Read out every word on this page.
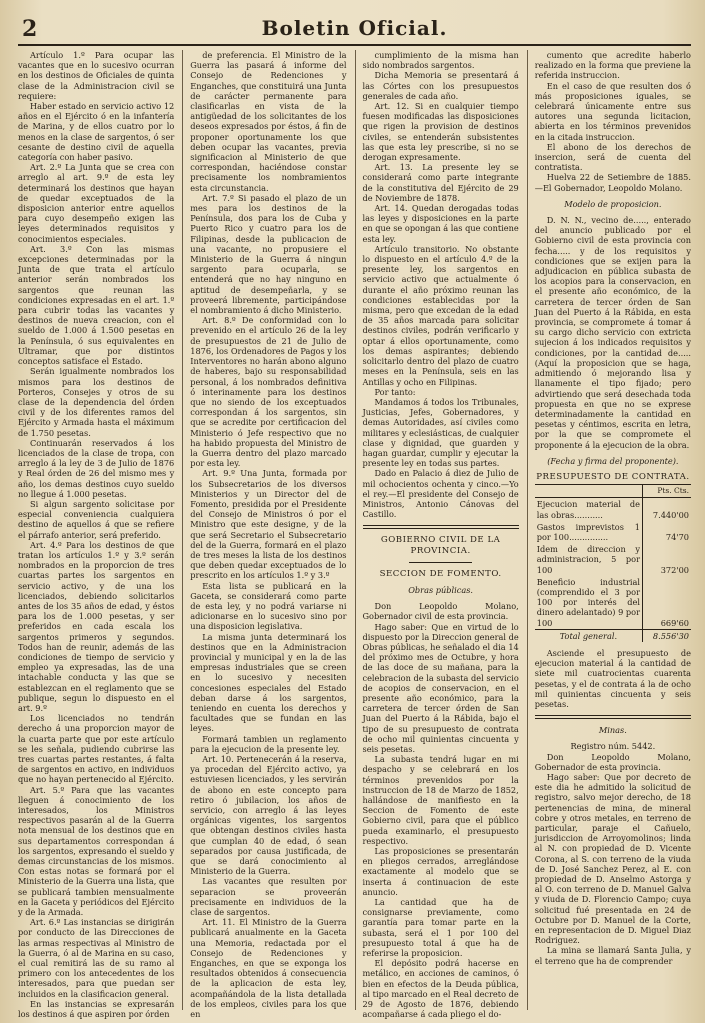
2	Boletin Oficial.

Artículo 1.º Para ocupar las vacantes que en lo sucesivo ocurran en los destinos de Oficiales de quinta clase de la Administracion civil se requiere:

Haber estado en servicio activo 12 años en el Ejército ó en la infantería de Marina, y de ellos cuatro por lo menos en la clase de sargentos, ó ser cesante de destino civil de aquella categoría con haber pasivo.

Art. 2.º La Junta que se crea con arreglo al art. 9.º de esta ley determinará los destinos que hayan de quedar exceptuados de la disposicion anterior entre aquellos para cuyo desempeño exigen las leyes determinados requisitos y conocimientos especiales.

Art. 3.º Con las mismas excepciones determinadas por la Junta de que trata el artículo anterior serán nombrados los sargentos que reunan las condiciones expresadas en el art. 1.º para cubrir todas las vacantes y destinos de nueva creacion, con el sueldo de 1.000 á 1.500 pesetas en la Península, ó sus equivalentes en Ultramar, que por distintos conceptos satisface el Estado.

Serán igualmente nombrados los mismos para los destinos de Porteros, Consejes y otros de su clase de la dependencia del órden civil y de los diferentes ramos del Ejército y Armada hasta el máximum de 1.750 pesetas.

Continuarán reservados á los licenciados de la clase de tropa, con arreglo á la ley de 3 de Julio de 1876 y Real órden de 26 del mismo mes y año, los demas destinos cuyo sueldo no llegue á 1.000 pesetas.

Si algun sargento solicitase por especial conveniencia cualquiera destino de aquellos á que se refiere el párrafo anterior, será preferido.

Art. 4.º Para los destinos de que tratan los artículos 1.º y 3.º serán nombrados en la proporcion de tres cuartas partes los sargentos en servicio activo, y de una los licenciados, debiendo solicitarlos antes de los 35 años de edad, y éstos para los de 1.000 pesetas, y ser preferidos en cada escala los sargentos primeros y segundos. Todos han de reunir, además de las condiciones de tiempo de servicio y empleo ya expresadas, las de una intachable conducta y las que se establezcan en el reglamento que se publique, segun lo dispuesto en el art. 9.º

Los licenciados no tendrán derecho á una proporcion mayor de la cuarta parte que por este artículo se les señala, pudiendo cubrirse las tres cuartas partes restantes, á falta de sargentos en activo, en individuos que no hayan pertenecido al Ejército.

Art. 5.º Para que las vacantes lleguen á conocimiento de los interesados, los Ministros respectivos pasarán al de la Guerra nota mensual de los destinos que en sus departamentos correspondan á los sargentos, expresando el sueldo y demas circunstancias de los mismos. Con estas notas se formará por el Ministerio de la Guerra una lista, que se publicará tambien mensualmente en la Gaceta y periódicos del Ejército y de la Armada.

Art. 6.º Las instancias se dirigirán por conducto de las Direcciones de las armas respectivas al Ministro de la Guerra, ó al de Marina en su caso, el cual remitirá las de su ramo al primero con los antecedentes de los interesados, para que puedan ser incluidos en la clasificacion general.

En las instancias se expresarán los destinos á que aspiren por órden

de preferencia. El Ministro de la Guerra las pasará á informe del Consejo de Redenciones y Enganches, que constituirá una Junta de carácter permanente para clasificarlas en vista de la antigüedad de los solicitantes de los deseos expresados por éstos, á fin de proponer oportunamente los que deben ocupar las vacantes, previa significacion al Ministerio de que correspondan, haciéndose constar precisamente los nombramientos esta circunstancia.

Art. 7.º Si pasado el plazo de un mes para los destinos de la Península, dos para los de Cuba y Puerto Rico y cuatro para los de Filipinas, desde la publicacion de una vacante, no propusiere el Ministerio de la Guerra á ningun sargento para ocuparla, se entenderá que no hay ninguno en aptitud de desempeñarla, y se proveerá libremente, participándose el nombramiento á dicho Ministerio.

Art. 8.º De conformidad con lo prevenido en el artículo 26 de la ley de presupuestos de 21 de Julio de 1876, los Ordenadores de Pagos y los Interventores no harán abono alguno de haberes, bajo su responsabilidad personal, á los nombrados definitiva ó interinamente para los destinos que no siendo de los exceptuados correspondan á los sargentos, sin que se acredite por certificacion del Ministerio ó Jefe respectivo que no ha habido propuesta del Ministro de la Guerra dentro del plazo marcado por esta ley.

Art. 9.º Una Junta, formada por los Subsecretarios de los diversos Ministerios y un Director del de Fomento, presidida por el Presidente del Consejo de Ministros ó por el Ministro que este designe, y de la que será Secretario el Subsecretario del de la Guerra, formará en el plazo de tres meses la lista de los destinos que deben quedar exceptuados de lo prescrito en los artículos 1.º y 3.º

Esta lista se publicará en la Gaceta, se considerará como parte de esta ley, y no podrá variarse ni adicionarse en lo sucesivo sino por una disposicion legislativa.

La misma junta determinará los destinos que en la Administracion provincial y municipal y en la de las empresas industriales que se creen en lo sucesivo y necesiten concesiones especiales del Estado deban darse á los sargentos, teniendo en cuenta los derechos y facultades que se fundan en las leyes.

Formará tambien un reglamento para la ejecucion de la presente ley.

Art. 10. Pertenecerán á la reserva, ya procedan del Ejército activo, ya estuviesen licenciados, y les servirán de abono en este concepto para retiro ó jubilacion, los años de servicio, con arreglo á las leyes orgánicas vigentes, los sargentos que obtengan destinos civiles hasta que cumplan 40 de edad, ó sean separados por causa justificada, de que se dará conocimiento al Ministerio de la Guerra.

Las vacantes que resulten por separacion se proveerán precisamente en individuos de la clase de sargentos.

Art. 11. El Ministro de la Guerra publicará anualmente en la Gaceta una Memoria, redactada por el Consejo de Redenciones y Enganches, en que se exponga los resultados obtenidos á consecuencia de la aplicacion de esta ley, acompañándola de la lista detallada de los empleos, civiles para los que en

cumplimiento de la misma han sido nombrados sargentos.

Dicha Memoria se presentará á las Córtes con los presupuestos generales de cada año.

Art. 12. Si en cualquier tiempo fuesen modificadas las disposiciones que rigen la provision de destinos civiles, se entenderán subsistentes las que esta ley prescribe, si no se derogan expresamente.

Art. 13. La presente ley se considerará como parte integrante de la constitutiva del Ejército de 29 de Noviembre de 1878.

Art. 14. Quedan derogadas todas las leyes y disposiciones en la parte en que se opongan á las que contiene esta ley.

Artículo transitorio. No obstante lo dispuesto en el artículo 4.º de la presente ley, los sargentos en servicio activo que actualmente ó durante el año próximo reunan las condiciones establecidas por la misma, pero que excedan de la edad de 35 años marcada para solicitar destinos civiles, podrán verificarlo y optar á ellos oportunamente, como los demas aspirantes; debiendo solicitarlo dentro del plazo de cuatro meses en la Península, seis en las Antillas y ocho en Filipinas.

Por tanto:

Mandamos á todos los Tribunales, Justicias, Jefes, Gobernadores, y demas Autoridades, así civiles como militares y eclesiásticas, de cualquier clase y dignidad, que guarden y hagan guardar, cumplir y ejecutar la presente ley en todas sus partes.

Dado en Palacio á diez de Julio de mil ochocientos ochenta y cinco.—Yo el rey.—El presidente del Consejo de Ministros, Antonio Cánovas del Castillo.

GOBIERNO CIVIL DE LA PROVINCIA.

SECCION DE FOMENTO.

Obras públicas.

Don Leopoldo Molano, Gobernador civil de esta provincia.

Hago saber: Que en virtud de lo dispuesto por la Direccion general de Obras públicas, he señalado el dia 14 del próximo mes de Octubre, y hora de las doce de su mañana, para la celebracion de la subasta del servicio de acopios de conservacion, en el presente año económico, para la carretera de tercer órden de San Juan del Puerto á la Rábida, bajo el tipo de su presupuesto de contrata de ocho mil quinientas cincuenta y seis pesetas.

La subasta tendrá lugar en mi despacho y se celebrará en los términos prevenidos por la instruccion de 18 de Marzo de 1852, hallándose de manifiesto en la Seccion de Fomento de este Gobierno civil, para que el público pueda examinarlo, el presupuesto respectivo.

Las proposiciones se presentarán en pliegos cerrados, arreglándose exactamente al modelo que se inserta á continuacion de este anuncio.

La cantidad que ha de consignarse previamente, como garantía para tomar parte en la subasta, será el 1 por 100 del presupuesto total á que ha de referirse la proposicion.

El depósito podrá hacerse en metálico, en acciones de caminos, ó bien en efectos de la Deuda pública, al tipo marcado en el Real decreto de 29 de Agosto de 1876, debiendo acompañarse á cada pliego el do-

cumento que acredite haberlo realizado en la forma que previene la referida instruccion.

En el caso de que resulten dos ó más proposiciones iguales, se celebrará únicamente entre sus autores una segunda licitacion, abierta en los términos prevenidos en la citada instruccion.

El abono de los derechos de insercion, será de cuenta del contratista.

Huelva 22 de Setiembre de 1885.—El Gobernador, Leopoldo Molano.

Modelo de proposicion.

D. N. N., vecino de....., enterado del anuncio publicado por el Gobierno civil de esta provincia con fecha..... y de los requisitos y condiciones que se exijen para la adjudicacion en pública subasta de los acopios para la conservacion, en el presente año económico, de la carretera de tercer órden de San Juan del Puerto á la Rábida, en esta provincia, se compromete á tomar á su cargo dicho servicio con extricta sujecion á los indicados requisitos y condiciones, por la cantidad de..... (Aquí la proposicion que se haga, admitiendo ó mejorando lisa y llanamente el tipo fijado; pero advirtiendo que será desechada toda propuesta en que no se exprese determinadamente la cantidad en pesetas y céntimos, escrita en letra, por la que se compromete el proponente á la ejecucion de la obra.

(Fecha y firma del proponente).

PRESUPUESTO DE CONTRATA.

	Pts. Cts.
Ejecucion material de las obras...........	7.440'00
Gastos imprevistos 1 por 100...............	74'70
Idem de direccion y administracion, 5 por 100	372'00
Beneficio industrial (comprendido el 3 por 100 por interés del dinero adelantado) 9 por 100	669'60
Total general.	8.556'30

Asciende el presupuesto de ejecucion material á la cantidad de siete mil cuatrocientas cuarenta pesetas, y el de contrata á la de ocho mil quinientas cincuenta y seis pesetas.

Minas.

Registro núm. 5442.

Don Leopoldo Molano, Gobernador de esta provincia.

Hago saber: Que por decreto de este dia he admitido la solicitud de registro, salvo mejor derecho, de 18 pertenencias de mina, de mineral cobre y otros metales, en terreno de particular, paraje el Cañuelo, jurisdiccion de Arroyomolinos; linda al N. con propiedad de D. Vicente Corona, al S. con terreno de la viuda de D. José Sanchez Perez, al E. con propiedad de D. Anselmo Astorga y al O. con terreno de D. Manuel Galva y viuda de D. Florencio Campo; cuya solicitud fué presentada en 24 de Octubre por D. Manuel de la Corte, en representacion de D. Miguel Diaz Rodriguez.

La mina se llamará Santa Julia, y el terreno que ha de comprender
